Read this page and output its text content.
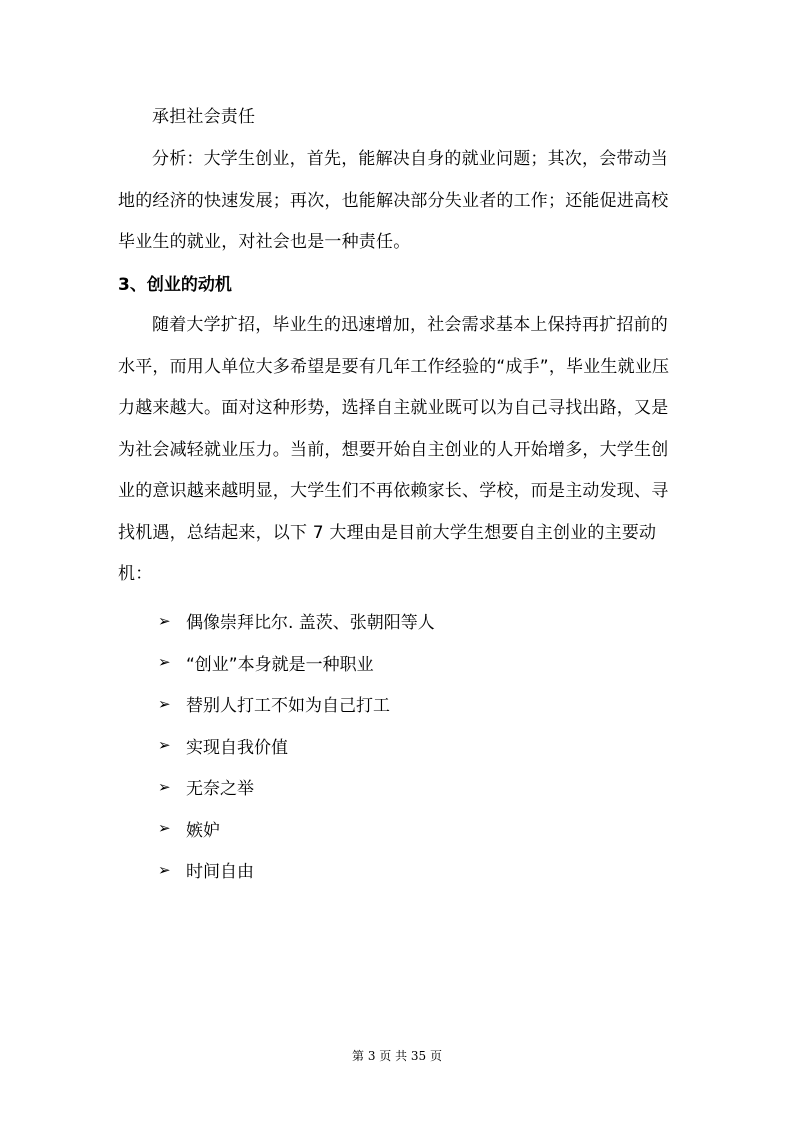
承担社会责任

分析：大学生创业，首先，能解决自身的就业问题；其次，会带动当地的经济的快速发展；再次，也能解决部分失业者的工作；还能促进高校毕业生的就业，对社会也是一种责任。

3、创业的动机

随着大学扩招，毕业生的迅速增加，社会需求基本上保持再扩招前的水平，而用人单位大多希望是要有几年工作经验的“成手”，毕业生就业压力越来越大。面对这种形势，选择自主就业既可以为自己寻找出路，又是为社会减轻就业压力。当前，想要开始自主创业的人开始增多，大学生创业的意识越来越明显，大学生们不再依赖家长、学校，而是主动发现、寻找机遇，总结起来，以下 7 大理由是目前大学生想要自主创业的主要动机：

➢ 偶像崇拜比尔. 盖茨、张朝阳等人
➢ “创业”本身就是一种职业
➢ 替别人打工不如为自己打工
➢ 实现自我价值
➢ 无奈之举
➢ 嫉妒
➢ 时间自由
第 3 页 共 35 页
